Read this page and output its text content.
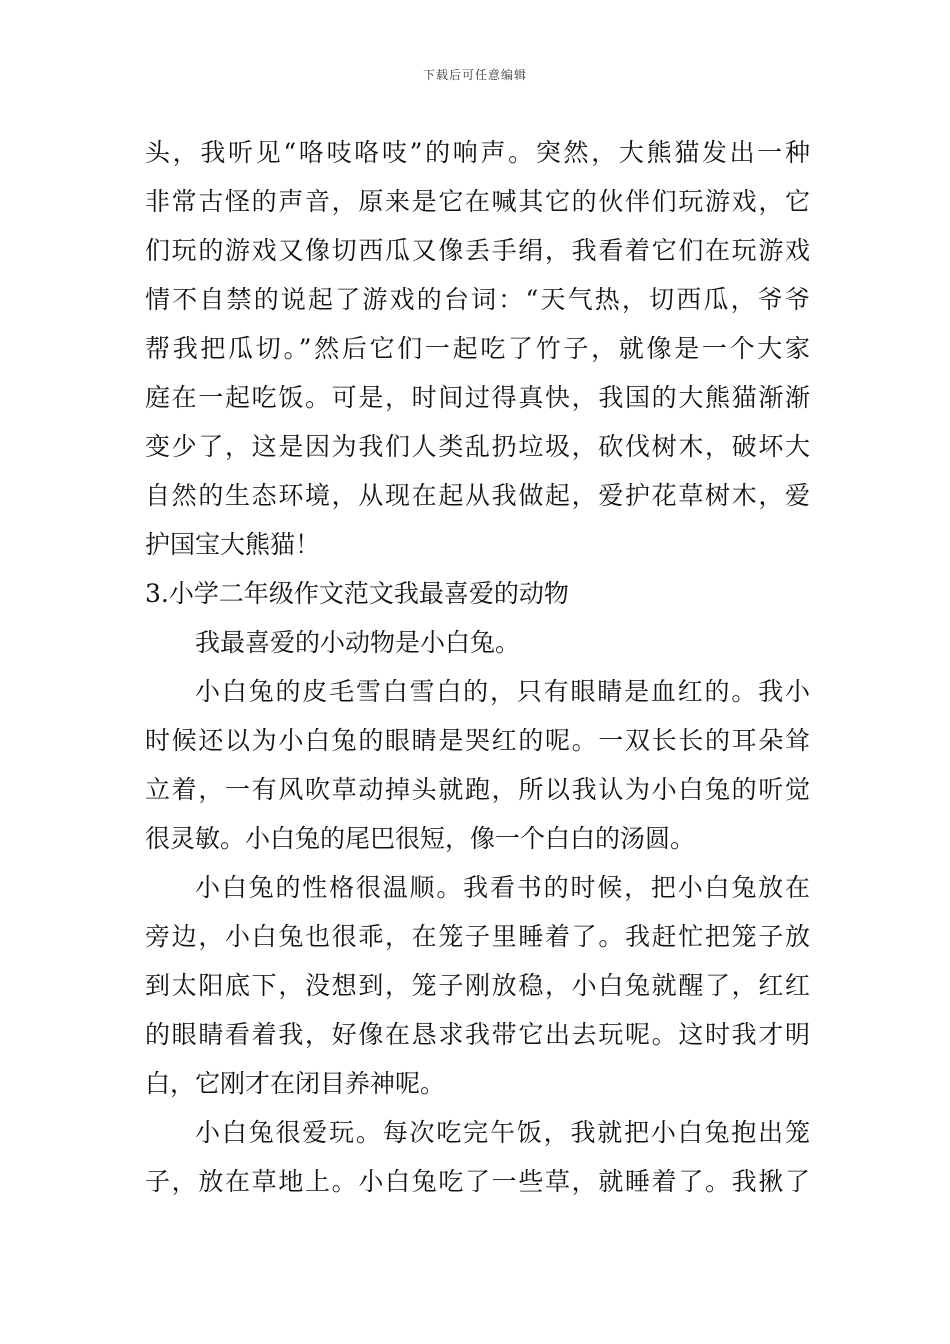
下载后可任意编辑
头，我听见“咯吱咯吱”的响声。突然，大熊猫发出一种
非常古怪的声音，原来是它在喊其它的伙伴们玩游戏，它
们玩的游戏又像切西瓜又像丢手绢，我看着它们在玩游戏
情不自禁的说起了游戏的台词：“天气热，切西瓜，爷爷
帮我把瓜切。”然后它们一起吃了竹子，就像是一个大家
庭在一起吃饭。可是，时间过得真快，我国的大熊猫渐渐
变少了，这是因为我们人类乱扔垃圾，砍伐树木，破坏大
自然的生态环境，从现在起从我做起，爱护花草树木，爱
护国宝大熊猫！
3.小学二年级作文范文我最喜爱的动物
我最喜爱的小动物是小白兔。
小白兔的皮毛雪白雪白的，只有眼睛是血红的。我小
时候还以为小白兔的眼睛是哭红的呢。一双长长的耳朵耸
立着，一有风吹草动掉头就跑，所以我认为小白兔的听觉
很灵敏。小白兔的尾巴很短，像一个白白的汤圆。
小白兔的性格很温顺。我看书的时候，把小白兔放在
旁边，小白兔也很乖，在笼子里睡着了。我赶忙把笼子放
到太阳底下，没想到，笼子刚放稳，小白兔就醒了，红红
的眼睛看着我，好像在恳求我带它出去玩呢。这时我才明
白，它刚才在闭目养神呢。
小白兔很爱玩。每次吃完午饭，我就把小白兔抱出笼
子，放在草地上。小白兔吃了一些草，就睡着了。我揪了
